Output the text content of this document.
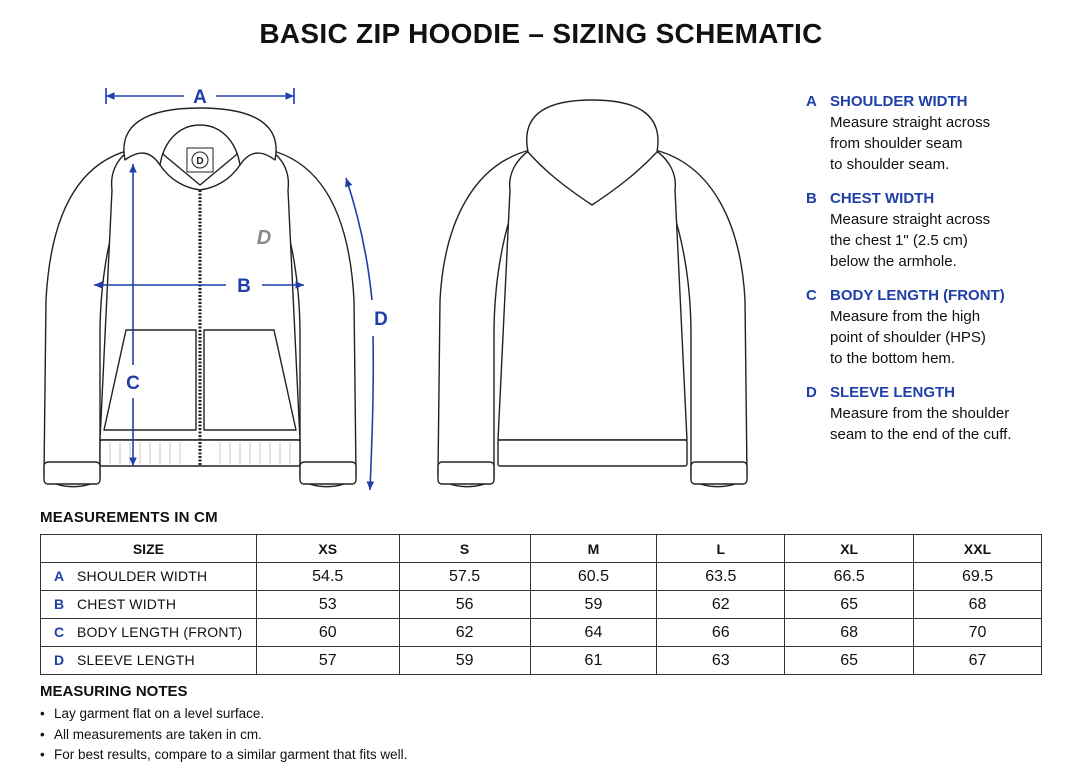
BASIC ZIP HOODIE – SIZING SCHEMATIC
D
D
A
B
C
D
A SHOULDER WIDTH
Measure straight across
from shoulder seam
to shoulder seam.
B CHEST WIDTH
Measure straight across
the chest 1" (2.5 cm)
below the armhole.
C BODY LENGTH (FRONT)
Measure from the high
point of shoulder (HPS)
to the bottom hem.
D SLEEVE LENGTH
Measure from the shoulder
seam to the end of the cuff.
MEASUREMENTS IN CM
SIZE	XS	S	M	L	XL	XXL
A SHOULDER WIDTH	54.5	57.5	60.5	63.5	66.5	69.5
B CHEST WIDTH	53	56	59	62	65	68
C BODY LENGTH (FRONT)	60	62	64	66	68	70
D SLEEVE LENGTH	57	59	61	63	65	67
MEASURING NOTES
• Lay garment flat on a level surface.
• All measurements are taken in cm.
• For best results, compare to a similar garment that fits well.
